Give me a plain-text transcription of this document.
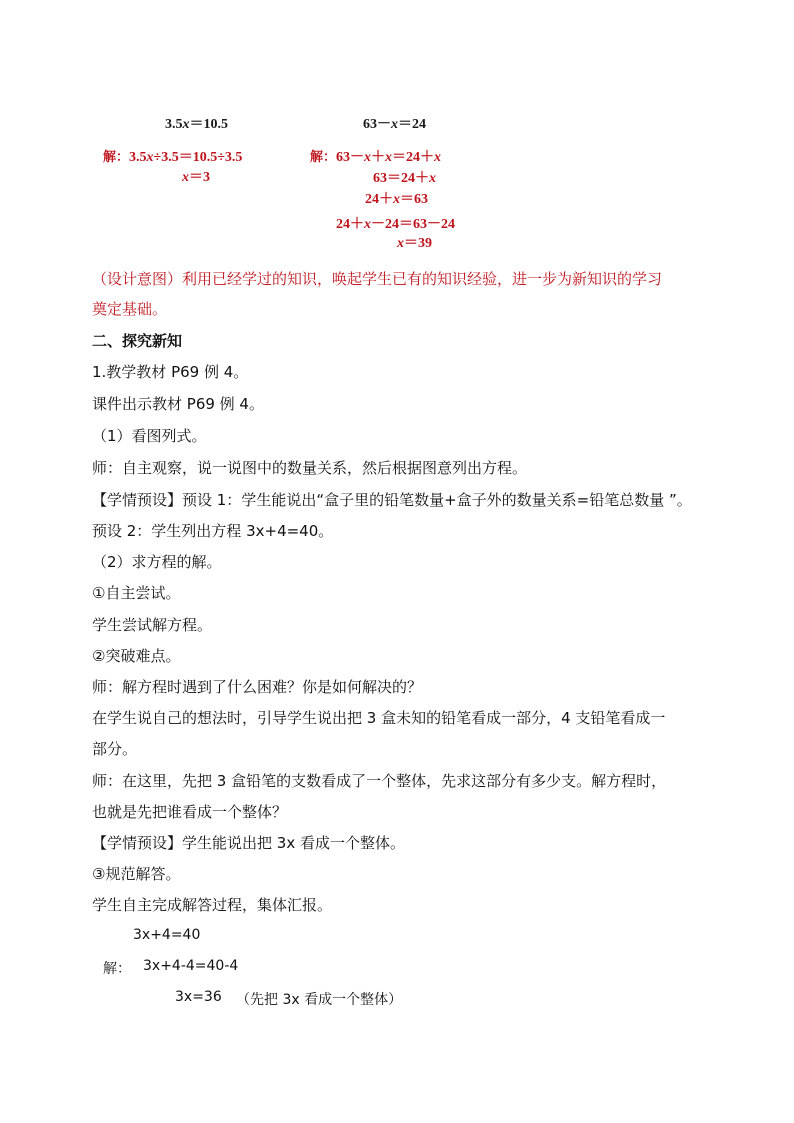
3.5x＝10.5	63－x＝24
解：3.5x÷3.5＝10.5÷3.5
x＝3
解：63－x＋x＝24＋x
63＝24＋x
24＋x＝63
24＋x－24＝63－24
x＝39
（设计意图）利用已经学过的知识，唤起学生已有的知识经验，进一步为新知识的学习
奠定基础。
二、探究新知
1.教学教材 P69 例 4。
课件出示教材 P69 例 4。
（1）看图列式。
师：自主观察，说一说图中的数量关系，然后根据图意列出方程。
【学情预设】预设 1：学生能说出“盒子里的铅笔数量+盒子外的数量关系=铅笔总数量 ”。
预设 2：学生列出方程 3x+4=40。
（2）求方程的解。
①自主尝试。
学生尝试解方程。
②突破难点。
师：解方程时遇到了什么困难？你是如何解决的？
在学生说自己的想法时，引导学生说出把 3 盒未知的铅笔看成一部分，4 支铅笔看成一
部分。
师：在这里，先把 3 盒铅笔的支数看成了一个整体，先求这部分有多少支。解方程时，
也就是先把谁看成一个整体？
【学情预设】学生能说出把 3x 看成一个整体。
③规范解答。
学生自主完成解答过程，集体汇报。
3x+4=40
解： 3x+4-4=40-4
3x=36 （先把 3x 看成一个整体）
